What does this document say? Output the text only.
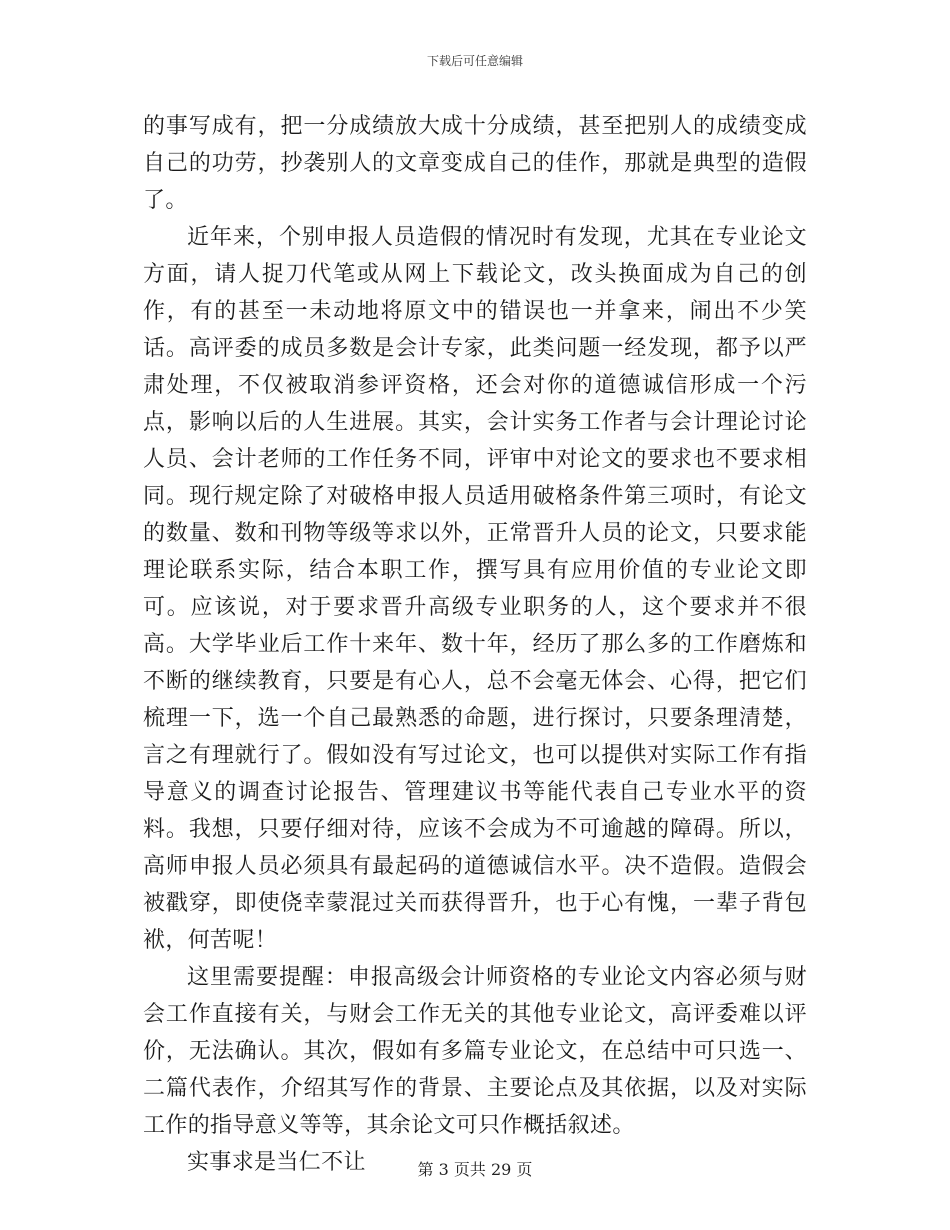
下载后可任意编辑

的事写成有，把一分成绩放大成十分成绩，甚至把别人的成绩变成自己的功劳，抄袭别人的文章变成自己的佳作，那就是典型的造假了。

近年来，个别申报人员造假的情况时有发现，尤其在专业论文方面，请人捉刀代笔或从网上下载论文，改头换面成为自己的创作，有的甚至一未动地将原文中的错误也一并拿来，闹出不少笑话。高评委的成员多数是会计专家，此类问题一经发现，都予以严肃处理，不仅被取消参评资格，还会对你的道德诚信形成一个污点，影响以后的人生进展。其实，会计实务工作者与会计理论讨论人员、会计老师的工作任务不同，评审中对论文的要求也不要求相同。现行规定除了对破格申报人员适用破格条件第三项时，有论文的数量、数和刊物等级等求以外，正常晋升人员的论文，只要求能理论联系实际，结合本职工作，撰写具有应用价值的专业论文即可。应该说，对于要求晋升高级专业职务的人，这个要求并不很高。大学毕业后工作十来年、数十年，经历了那么多的工作磨炼和不断的继续教育，只要是有心人，总不会毫无体会、心得，把它们梳理一下，选一个自己最熟悉的命题，进行探讨，只要条理清楚，言之有理就行了。假如没有写过论文，也可以提供对实际工作有指导意义的调查讨论报告、管理建议书等能代表自己专业水平的资料。我想，只要仔细对待，应该不会成为不可逾越的障碍。所以，高师申报人员必须具有最起码的道德诚信水平。决不造假。造假会被戳穿，即使侥幸蒙混过关而获得晋升，也于心有愧，一辈子背包袱，何苦呢！

这里需要提醒：申报高级会计师资格的专业论文内容必须与财会工作直接有关，与财会工作无关的其他专业论文，高评委难以评价，无法确认。其次，假如有多篇专业论文，在总结中可只选一、二篇代表作，介绍其写作的背景、主要论点及其依据，以及对实际工作的指导意义等等，其余论文可只作概括叙述。

实事求是当仁不让	第 3 页共 29 页
